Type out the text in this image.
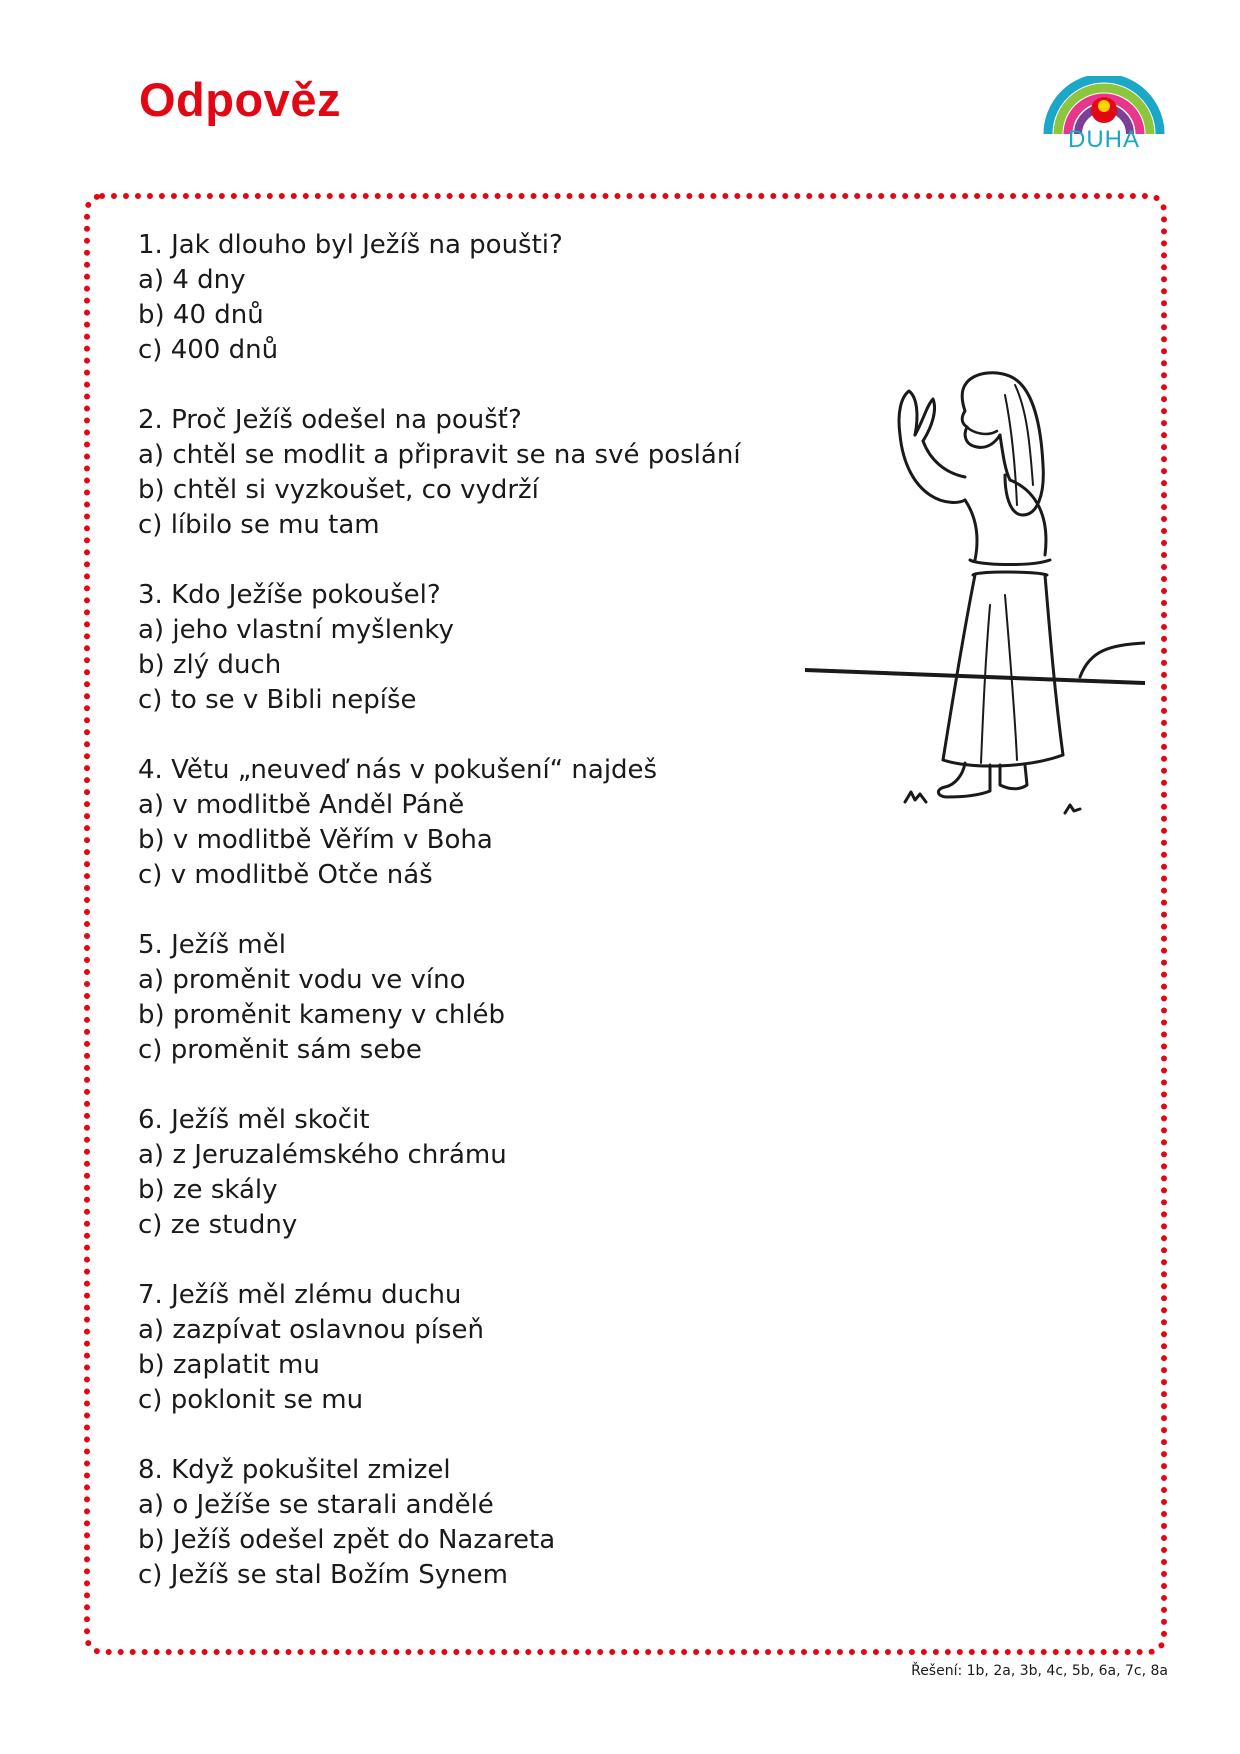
Odpověz
DUHA
1. Jak dlouho byl Ježíš na poušti?
a) 4 dny
b) 40 dnů
c) 400 dnů
2. Proč Ježíš odešel na poušť?
a) chtěl se modlit a připravit se na své poslání
b) chtěl si vyzkoušet, co vydrží
c) líbilo se mu tam
3. Kdo Ježíše pokoušel?
a) jeho vlastní myšlenky
b) zlý duch
c) to se v Bibli nepíše
4. Větu „neuveď nás v pokušení“ najdeš
a) v modlitbě Anděl Páně
b) v modlitbě Věřím v Boha
c) v modlitbě Otče náš
5. Ježíš měl
a) proměnit vodu ve víno
b) proměnit kameny v chléb
c) proměnit sám sebe
6. Ježíš měl skočit
a) z Jeruzalémského chrámu
b) ze skály
c) ze studny
7. Ježíš měl zlému duchu
a) zazpívat oslavnou píseň
b) zaplatit mu
c) poklonit se mu
8. Když pokušitel zmizel
a) o Ježíše se starali andělé
b) Ježíš odešel zpět do Nazareta
c) Ježíš se stal Božím Synem
Řešení: 1b, 2a, 3b, 4c, 5b, 6a, 7c, 8a
